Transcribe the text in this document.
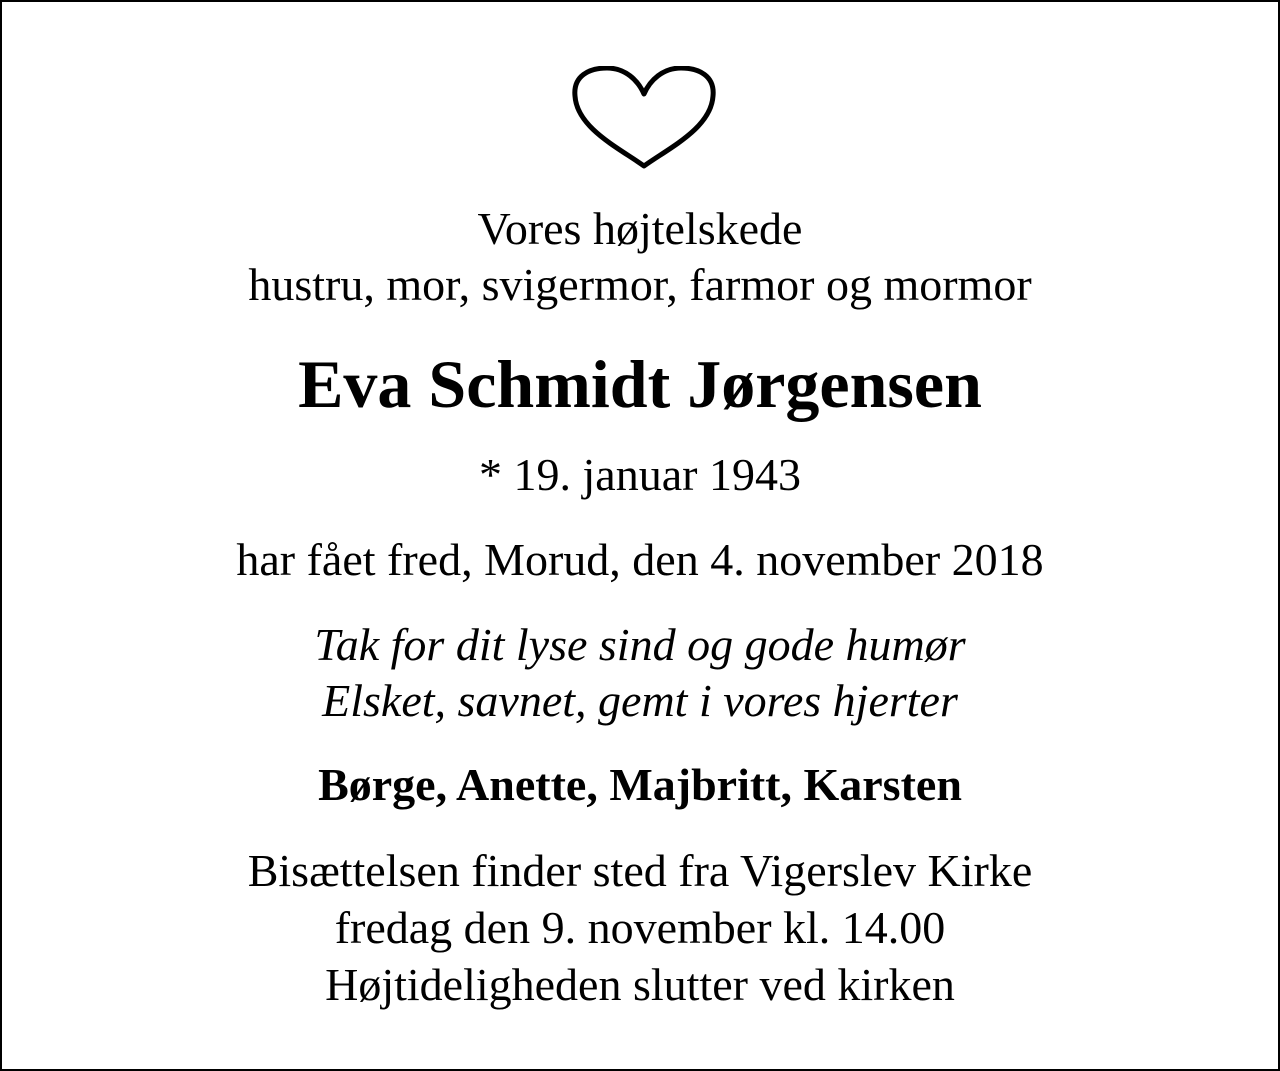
Vores højtelskede

hustru, mor, svigermor, farmor og mormor

Eva Schmidt Jørgensen

* 19. januar 1943

har fået fred, Morud, den 4. november 2018

Tak for dit lyse sind og gode humør

Elsket, savnet, gemt i vores hjerter

Børge, Anette, Majbritt, Karsten

Bisættelsen finder sted fra Vigerslev Kirke

fredag den 9. november kl. 14.00

Højtideligheden slutter ved kirken
